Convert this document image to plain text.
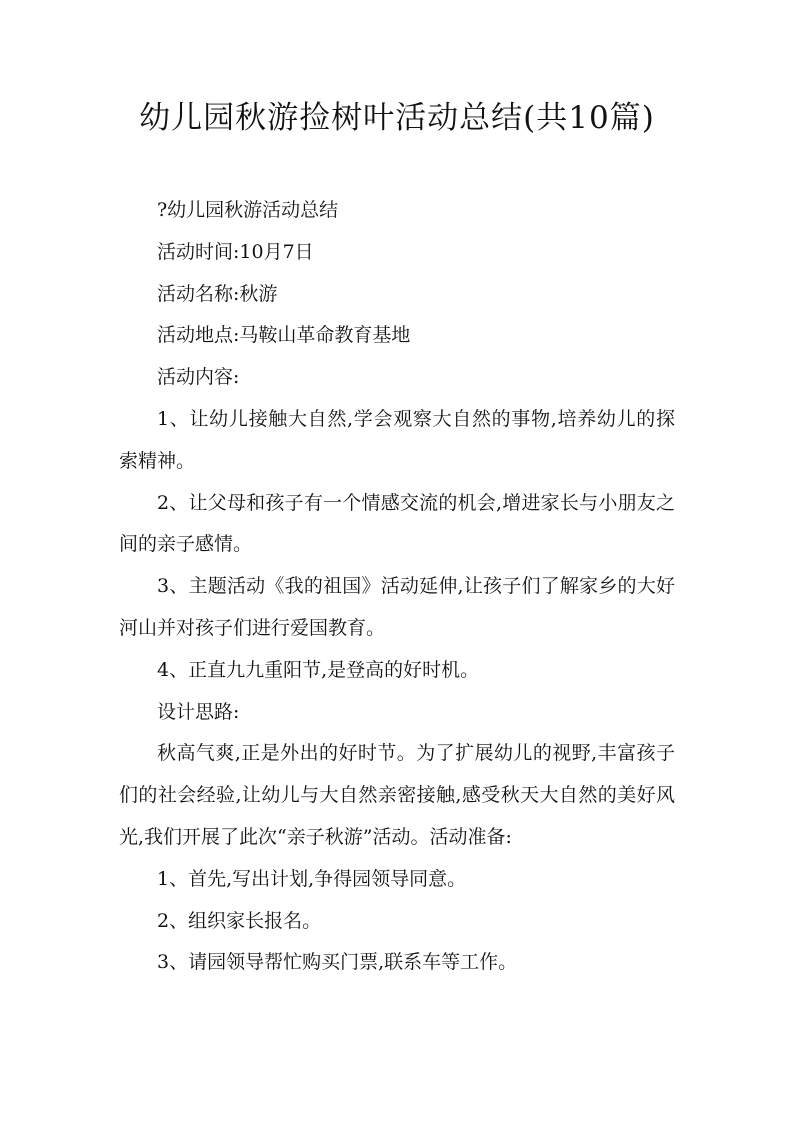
幼儿园秋游捡树叶活动总结(共10篇)

?幼儿园秋游活动总结

活动时间:10月7日

活动名称:秋游

活动地点:马鞍山革命教育基地

活动内容:

1、让幼儿接触大自然,学会观察大自然的事物,培养幼儿的探索精神。

2、让父母和孩子有一个情感交流的机会,增进家长与小朋友之间的亲子感情。

3、主题活动《我的祖国》活动延伸,让孩子们了解家乡的大好河山并对孩子们进行爱国教育。

4、正直九九重阳节,是登高的好时机。

设计思路:

秋高气爽,正是外出的好时节。为了扩展幼儿的视野,丰富孩子们的社会经验,让幼儿与大自然亲密接触,感受秋天大自然的美好风光,我们开展了此次“亲子秋游”活动。活动准备:

1、首先,写出计划,争得园领导同意。

2、组织家长报名。

3、请园领导帮忙购买门票,联系车等工作。
